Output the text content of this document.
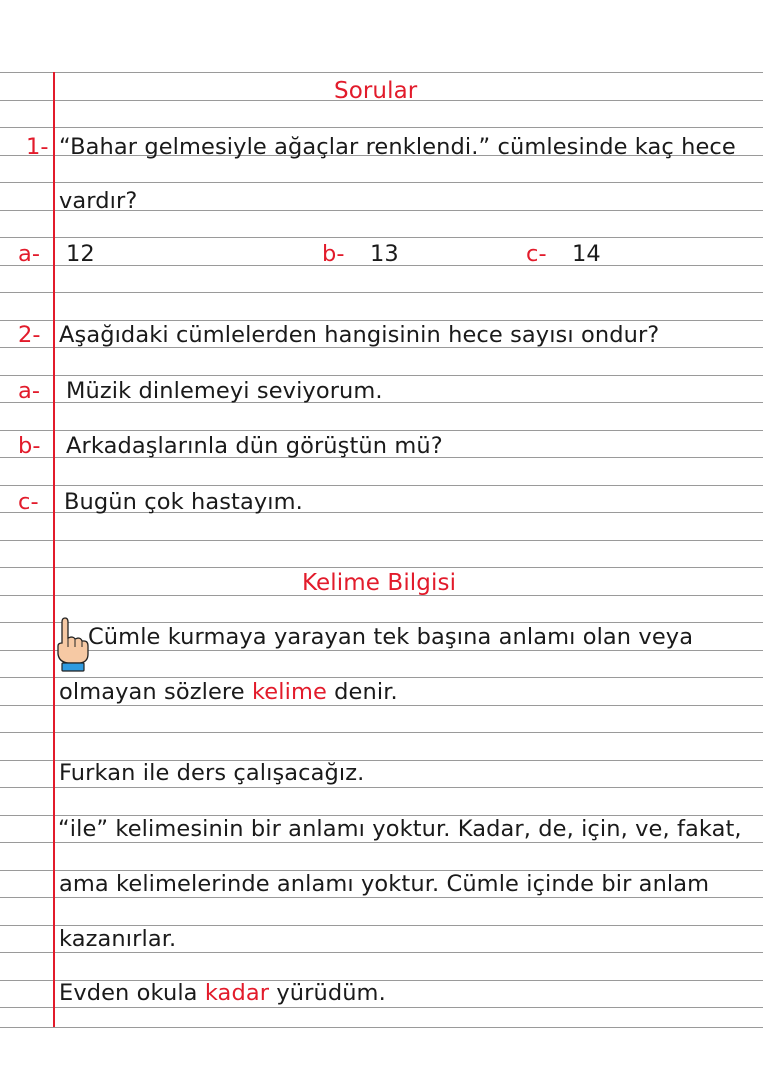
Sorular
1- “Bahar gelmesiyle ağaçlar renklendi.” cümlesinde kaç hece
vardır?
a- 12	b- 13	c- 14
2- Aşağıdaki cümlelerden hangisinin hece sayısı ondur?
a- Müzik dinlemeyi seviyorum.
b- Arkadaşlarınla dün görüştün mü?
c- Bugün çok hastayım.
Kelime Bilgisi
Cümle kurmaya yarayan tek başına anlamı olan veya
olmayan sözlere kelime denir.
Furkan ile ders çalışacağız.
“ile” kelimesinin bir anlamı yoktur. Kadar, de, için, ve, fakat,
ama kelimelerinde anlamı yoktur. Cümle içinde bir anlam
kazanırlar.
Evden okula kadar yürüdüm.
